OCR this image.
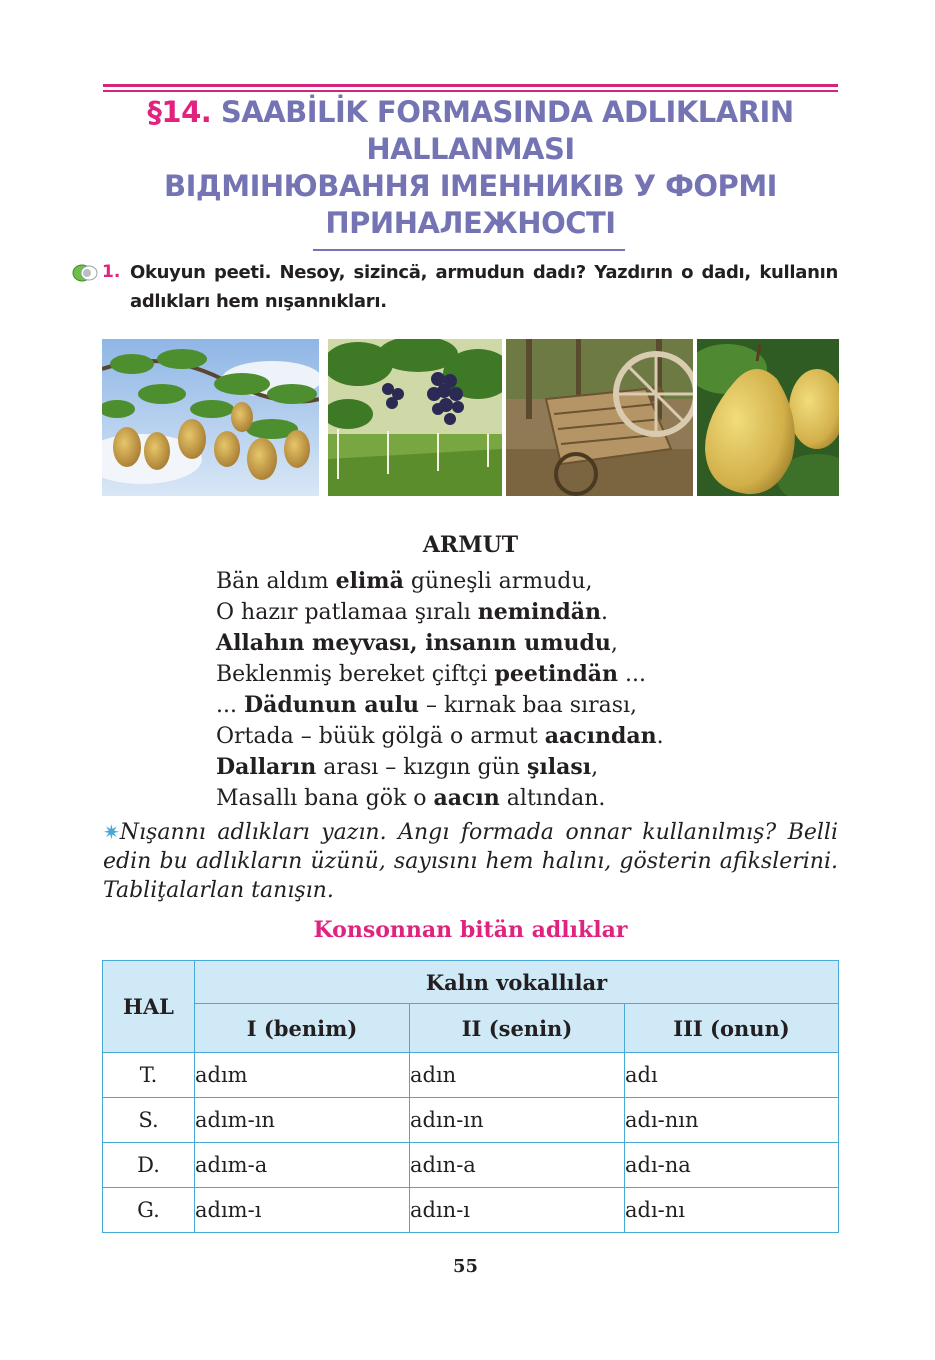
§14. SAABİLİK FORMASINDA ADLIKLARIN
HALLANMASI
ВІДМІНЮВАННЯ ІМЕННИКІВ У ФОРМІ
ПРИНАЛЕЖНОСТІ
1. Okuyun peeti. Nesoy, sizincä, armudun dadı? Yazdırın o dadı, kullanın adlıkları hem nışannıkları.
ARMUT
Bän aldım elimä güneşli armudu,
O hazır patlamaa şıralı nemindän.
Allahın meyvası, insanın umudu,
Beklenmiş bereket çiftçi peetindän ...
... Dädunun aulu – kırnak baa sırası,
Ortada – büük gölgä o armut aacından.
Dalların arası – kızgın gün şılası,
Masallı bana gök o aacın altından.
✷Nışannı adlıkları yazın. Angı formada onnar kullanılmış? Belli edin bu adlıkların üzünü, sayısını hem halını, gösterin afikslerini. Tabliţalarlan tanışın.
Konsonnan bitän adlıklar
HAL	Kalın vokallılar		
	I (benim)	II (senin)	III (onun)
T.	adım	adın	adı
S.	adım-ın	adın-ın	adı-nın
D.	adım-a	adın-a	adı-na
G.	adım-ı	adın-ı	adı-nı
55
